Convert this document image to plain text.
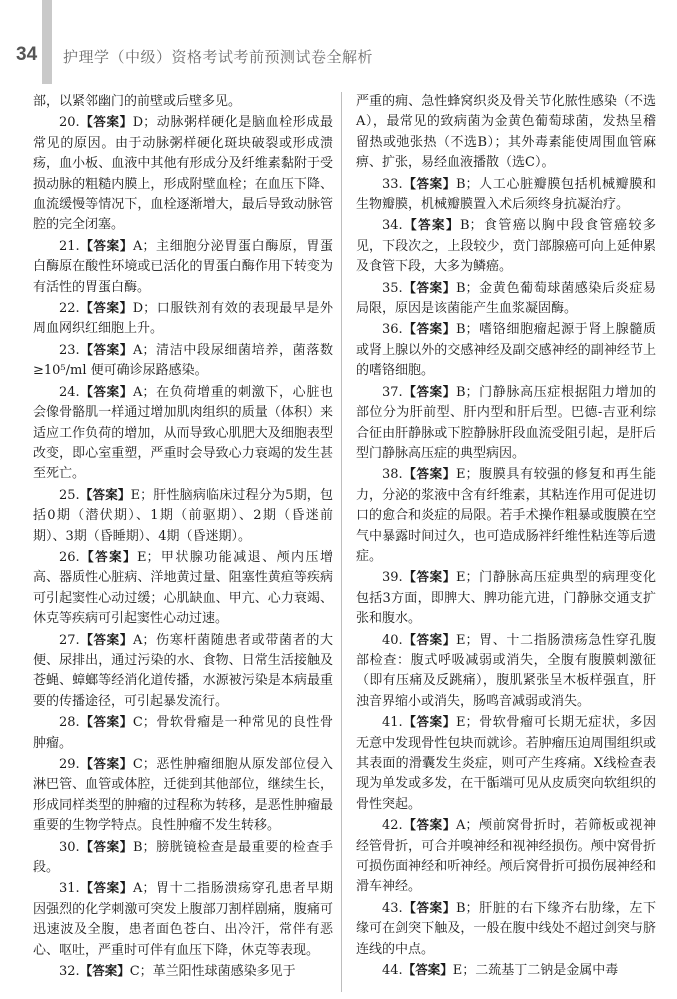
34 护理学（中级）资格考试考前预测试卷全解析

部，以紧邻幽门的前壁或后壁多见。

20.【答案】D；动脉粥样硬化是脑血栓形成最常见的原因。由于动脉粥样硬化斑块破裂或形成溃疡，血小板、血液中其他有形成分及纤维素黏附于受损动脉的粗糙内膜上，形成附壁血栓；在血压下降、血流缓慢等情况下，血栓逐渐增大，最后导致动脉管腔的完全闭塞。

21.【答案】A；主细胞分泌胃蛋白酶原，胃蛋白酶原在酸性环境或已活化的胃蛋白酶作用下转变为有活性的胃蛋白酶。

22.【答案】D；口服铁剂有效的表现最早是外周血网织红细胞上升。

23.【答案】A；清洁中段尿细菌培养，菌落数≥10⁵/ml 便可确诊尿路感染。

24.【答案】A；在负荷增重的刺激下，心脏也会像骨骼肌一样通过增加肌肉组织的质量（体积）来适应工作负荷的增加，从而导致心肌肥大及细胞表型改变，即心室重塑，严重时会导致心力衰竭的发生甚至死亡。

25.【答案】E；肝性脑病临床过程分为5期，包括0期（潜伏期）、1期（前驱期）、2期（昏迷前期）、3期（昏睡期）、4期（昏迷期）。

26.【答案】E；甲状腺功能减退、颅内压增高、器质性心脏病、洋地黄过量、阻塞性黄疸等疾病可引起窦性心动过缓；心肌缺血、甲亢、心力衰竭、休克等疾病可引起窦性心动过速。

27.【答案】A；伤寒杆菌随患者或带菌者的大便、尿排出，通过污染的水、食物、日常生活接触及苍蝇、蟑螂等经消化道传播，水源被污染是本病最重要的传播途径，可引起暴发流行。

28.【答案】C；骨软骨瘤是一种常见的良性骨肿瘤。

29.【答案】C；恶性肿瘤细胞从原发部位侵入淋巴管、血管或体腔，迁徙到其他部位，继续生长，形成同样类型的肿瘤的过程称为转移，是恶性肿瘤最重要的生物学特点。良性肿瘤不发生转移。

30.【答案】B；膀胱镜检查是最重要的检查手段。

31.【答案】A；胃十二指肠溃疡穿孔患者早期因强烈的化学刺激可突发上腹部刀割样剧痛，腹痛可迅速波及全腹，患者面色苍白、出冷汗，常伴有恶心、呕吐，严重时可伴有血压下降，休克等表现。

32.【答案】C；革兰阳性球菌感染多见于

严重的痈、急性蜂窝织炎及骨关节化脓性感染（不选A），最常见的致病菌为金黄色葡萄球菌，发热呈稽留热或弛张热（不选B）；其外毒素能使周围血管麻痹、扩张，易经血液播散（选C）。

33.【答案】B；人工心脏瓣膜包括机械瓣膜和生物瓣膜，机械瓣膜置入术后须终身抗凝治疗。

34.【答案】B；食管癌以胸中段食管癌较多见，下段次之，上段较少，贲门部腺癌可向上延伸累及食管下段，大多为鳞癌。

35.【答案】B；金黄色葡萄球菌感染后炎症易局限，原因是该菌能产生血浆凝固酶。

36.【答案】B；嗜铬细胞瘤起源于肾上腺髓质或肾上腺以外的交感神经及副交感神经的副神经节上的嗜铬细胞。

37.【答案】B；门静脉高压症根据阻力增加的部位分为肝前型、肝内型和肝后型。巴德-吉亚利综合征由肝静脉或下腔静脉肝段血流受阻引起，是肝后型门静脉高压症的典型病因。

38.【答案】E；腹膜具有较强的修复和再生能力，分泌的浆液中含有纤维素，其粘连作用可促进切口的愈合和炎症的局限。若手术操作粗暴或腹膜在空气中暴露时间过久，也可造成肠袢纤维性粘连等后遗症。

39.【答案】E；门静脉高压症典型的病理变化包括3方面，即脾大、脾功能亢进，门静脉交通支扩张和腹水。

40.【答案】E；胃、十二指肠溃疡急性穿孔腹部检查：腹式呼吸减弱或消失，全腹有腹膜刺激征（即有压痛及反跳痛），腹肌紧张呈木板样强直，肝浊音界缩小或消失，肠鸣音减弱或消失。

41.【答案】E；骨软骨瘤可长期无症状，多因无意中发现骨性包块而就诊。若肿瘤压迫周围组织或其表面的滑囊发生炎症，则可产生疼痛。X线检查表现为单发或多发，在干骺端可见从皮质突向软组织的骨性突起。

42.【答案】A；颅前窝骨折时，若筛板或视神经管骨折，可合并嗅神经和视神经损伤。颅中窝骨折可损伤面神经和听神经。颅后窝骨折可损伤展神经和滑车神经。

43.【答案】B；肝脏的右下缘齐右肋缘，左下缘可在剑突下触及，一般在腹中线处不超过剑突与脐连线的中点。

44.【答案】E；二巯基丁二钠是金属中毒
